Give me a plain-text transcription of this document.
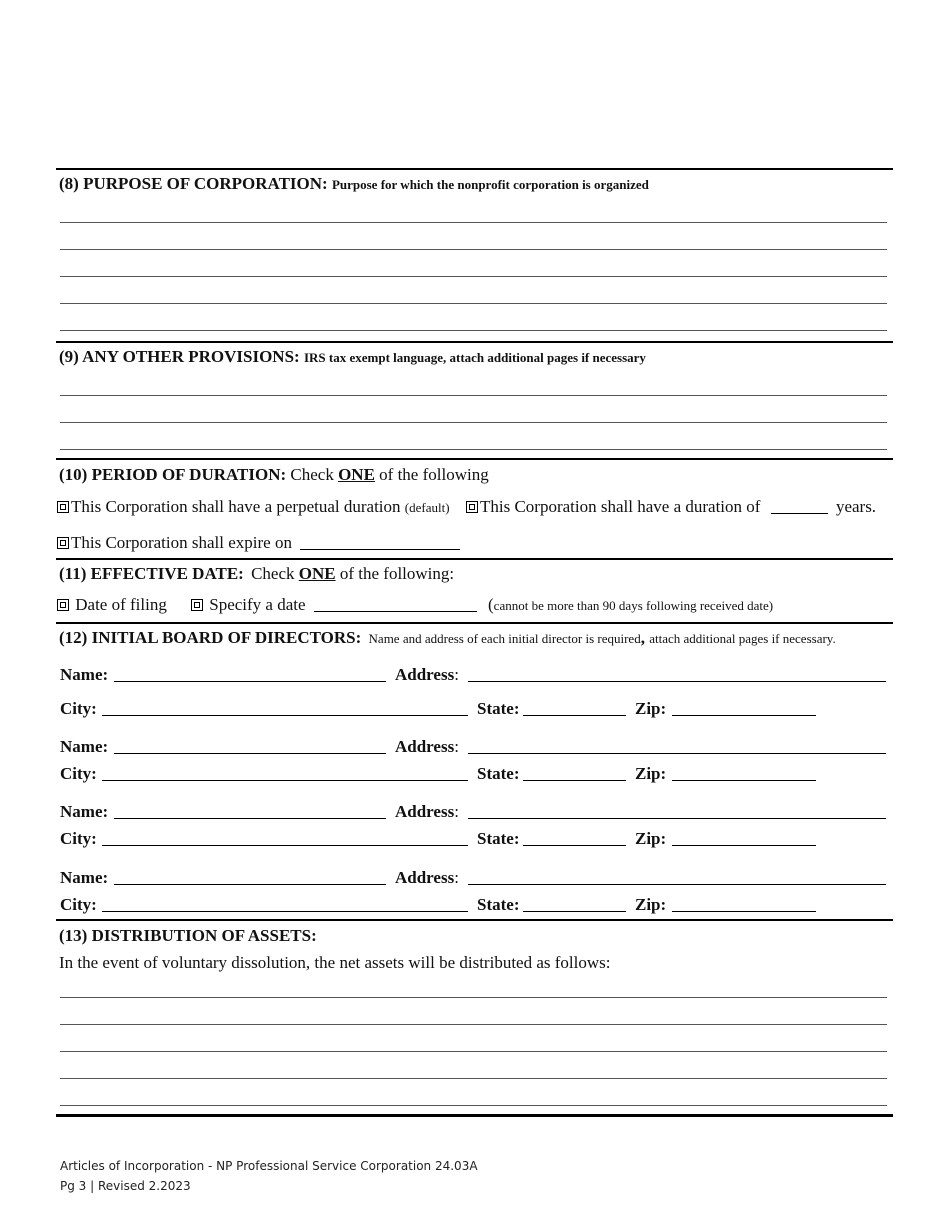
(8) PURPOSE OF CORPORATION: Purpose for which the nonprofit corporation is organized
(9) ANY OTHER PROVISIONS: IRS tax exempt language, attach additional pages if necessary
(10) PERIOD OF DURATION: Check ONE of the following
This Corporation shall have a perpetual duration (default)	This Corporation shall have a duration of	years.
This Corporation shall expire on
(11) EFFECTIVE DATE: Check ONE of the following:
Date of filing	Specify a date	(cannot be more than 90 days following received date)
(12) INITIAL BOARD OF DIRECTORS: Name and address of each initial director is required, attach additional pages if necessary.
Name:	Address:
City:	State:	Zip:
Name:	Address:
City:	State:	Zip:
Name:	Address:
City:	State:	Zip:
Name:	Address:
City:	State:	Zip:
(13) DISTRIBUTION OF ASSETS:
In the event of voluntary dissolution, the net assets will be distributed as follows:
Articles of Incorporation - NP Professional Service Corporation 24.03A
Pg 3 | Revised 2.2023
